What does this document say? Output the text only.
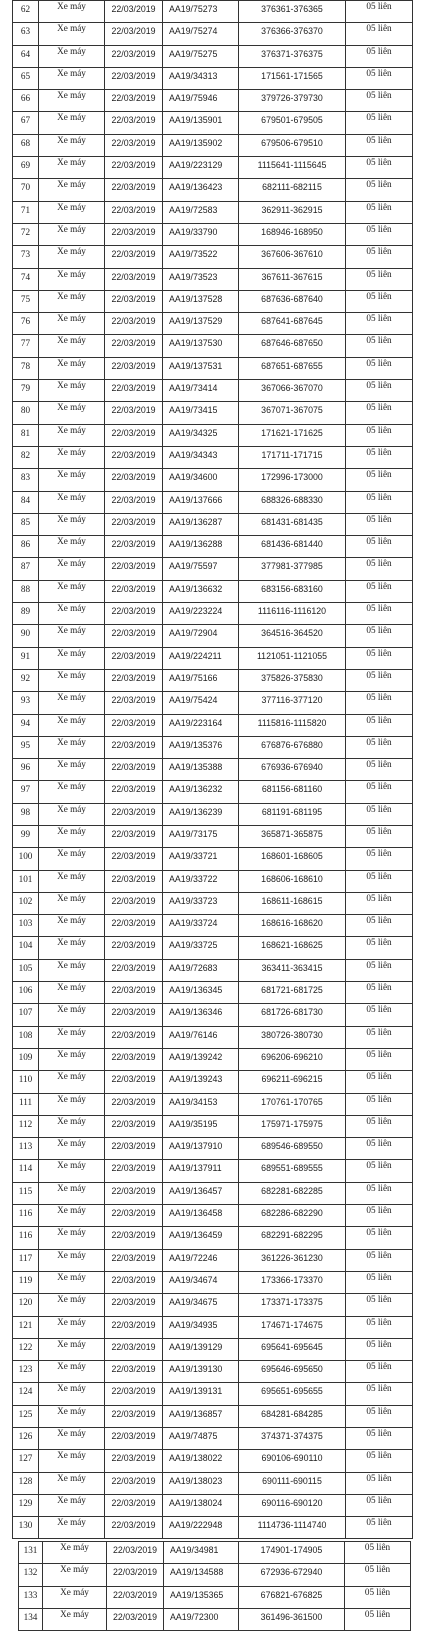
62	Xe máy	22/03/2019	AA19/75273	376361-376365	05 liên
63	Xe máy	22/03/2019	AA19/75274	376366-376370	05 liên
64	Xe máy	22/03/2019	AA19/75275	376371-376375	05 liên
65	Xe máy	22/03/2019	AA19/34313	171561-171565	05 liên
66	Xe máy	22/03/2019	AA19/75946	379726-379730	05 liên
67	Xe máy	22/03/2019	AA19/135901	679501-679505	05 liên
68	Xe máy	22/03/2019	AA19/135902	679506-679510	05 liên
69	Xe máy	22/03/2019	AA19/223129	1115641-1115645	05 liên
70	Xe máy	22/03/2019	AA19/136423	682111-682115	05 liên
71	Xe máy	22/03/2019	AA19/72583	362911-362915	05 liên
72	Xe máy	22/03/2019	AA19/33790	168946-168950	05 liên
73	Xe máy	22/03/2019	AA19/73522	367606-367610	05 liên
74	Xe máy	22/03/2019	AA19/73523	367611-367615	05 liên
75	Xe máy	22/03/2019	AA19/137528	687636-687640	05 liên
76	Xe máy	22/03/2019	AA19/137529	687641-687645	05 liên
77	Xe máy	22/03/2019	AA19/137530	687646-687650	05 liên
78	Xe máy	22/03/2019	AA19/137531	687651-687655	05 liên
79	Xe máy	22/03/2019	AA19/73414	367066-367070	05 liên
80	Xe máy	22/03/2019	AA19/73415	367071-367075	05 liên
81	Xe máy	22/03/2019	AA19/34325	171621-171625	05 liên
82	Xe máy	22/03/2019	AA19/34343	171711-171715	05 liên
83	Xe máy	22/03/2019	AA19/34600	172996-173000	05 liên
84	Xe máy	22/03/2019	AA19/137666	688326-688330	05 liên
85	Xe máy	22/03/2019	AA19/136287	681431-681435	05 liên
86	Xe máy	22/03/2019	AA19/136288	681436-681440	05 liên
87	Xe máy	22/03/2019	AA19/75597	377981-377985	05 liên
88	Xe máy	22/03/2019	AA19/136632	683156-683160	05 liên
89	Xe máy	22/03/2019	AA19/223224	1116116-1116120	05 liên
90	Xe máy	22/03/2019	AA19/72904	364516-364520	05 liên
91	Xe máy	22/03/2019	AA19/224211	1121051-1121055	05 liên
92	Xe máy	22/03/2019	AA19/75166	375826-375830	05 liên
93	Xe máy	22/03/2019	AA19/75424	377116-377120	05 liên
94	Xe máy	22/03/2019	AA19/223164	1115816-1115820	05 liên
95	Xe máy	22/03/2019	AA19/135376	676876-676880	05 liên
96	Xe máy	22/03/2019	AA19/135388	676936-676940	05 liên
97	Xe máy	22/03/2019	AA19/136232	681156-681160	05 liên
98	Xe máy	22/03/2019	AA19/136239	681191-681195	05 liên
99	Xe máy	22/03/2019	AA19/73175	365871-365875	05 liên
100	Xe máy	22/03/2019	AA19/33721	168601-168605	05 liên
101	Xe máy	22/03/2019	AA19/33722	168606-168610	05 liên
102	Xe máy	22/03/2019	AA19/33723	168611-168615	05 liên
103	Xe máy	22/03/2019	AA19/33724	168616-168620	05 liên
104	Xe máy	22/03/2019	AA19/33725	168621-168625	05 liên
105	Xe máy	22/03/2019	AA19/72683	363411-363415	05 liên
106	Xe máy	22/03/2019	AA19/136345	681721-681725	05 liên
107	Xe máy	22/03/2019	AA19/136346	681726-681730	05 liên
108	Xe máy	22/03/2019	AA19/76146	380726-380730	05 liên
109	Xe máy	22/03/2019	AA19/139242	696206-696210	05 liên
110	Xe máy	22/03/2019	AA19/139243	696211-696215	05 liên
111	Xe máy	22/03/2019	AA19/34153	170761-170765	05 liên
112	Xe máy	22/03/2019	AA19/35195	175971-175975	05 liên
113	Xe máy	22/03/2019	AA19/137910	689546-689550	05 liên
114	Xe máy	22/03/2019	AA19/137911	689551-689555	05 liên
115	Xe máy	22/03/2019	AA19/136457	682281-682285	05 liên
116	Xe máy	22/03/2019	AA19/136458	682286-682290	05 liên
116	Xe máy	22/03/2019	AA19/136459	682291-682295	05 liên
117	Xe máy	22/03/2019	AA19/72246	361226-361230	05 liên
119	Xe máy	22/03/2019	AA19/34674	173366-173370	05 liên
120	Xe máy	22/03/2019	AA19/34675	173371-173375	05 liên
121	Xe máy	22/03/2019	AA19/34935	174671-174675	05 liên
122	Xe máy	22/03/2019	AA19/139129	695641-695645	05 liên
123	Xe máy	22/03/2019	AA19/139130	695646-695650	05 liên
124	Xe máy	22/03/2019	AA19/139131	695651-695655	05 liên
125	Xe máy	22/03/2019	AA19/136857	684281-684285	05 liên
126	Xe máy	22/03/2019	AA19/74875	374371-374375	05 liên
127	Xe máy	22/03/2019	AA19/138022	690106-690110	05 liên
128	Xe máy	22/03/2019	AA19/138023	690111-690115	05 liên
129	Xe máy	22/03/2019	AA19/138024	690116-690120	05 liên
130	Xe máy	22/03/2019	AA19/222948	1114736-1114740	05 liên
131	Xe máy	22/03/2019	AA19/34981	174901-174905	05 liên
132	Xe máy	22/03/2019	AA19/134588	672936-672940	05 liên
133	Xe máy	22/03/2019	AA19/135365	676821-676825	05 liên
134	Xe máy	22/03/2019	AA19/72300	361496-361500	05 liên
